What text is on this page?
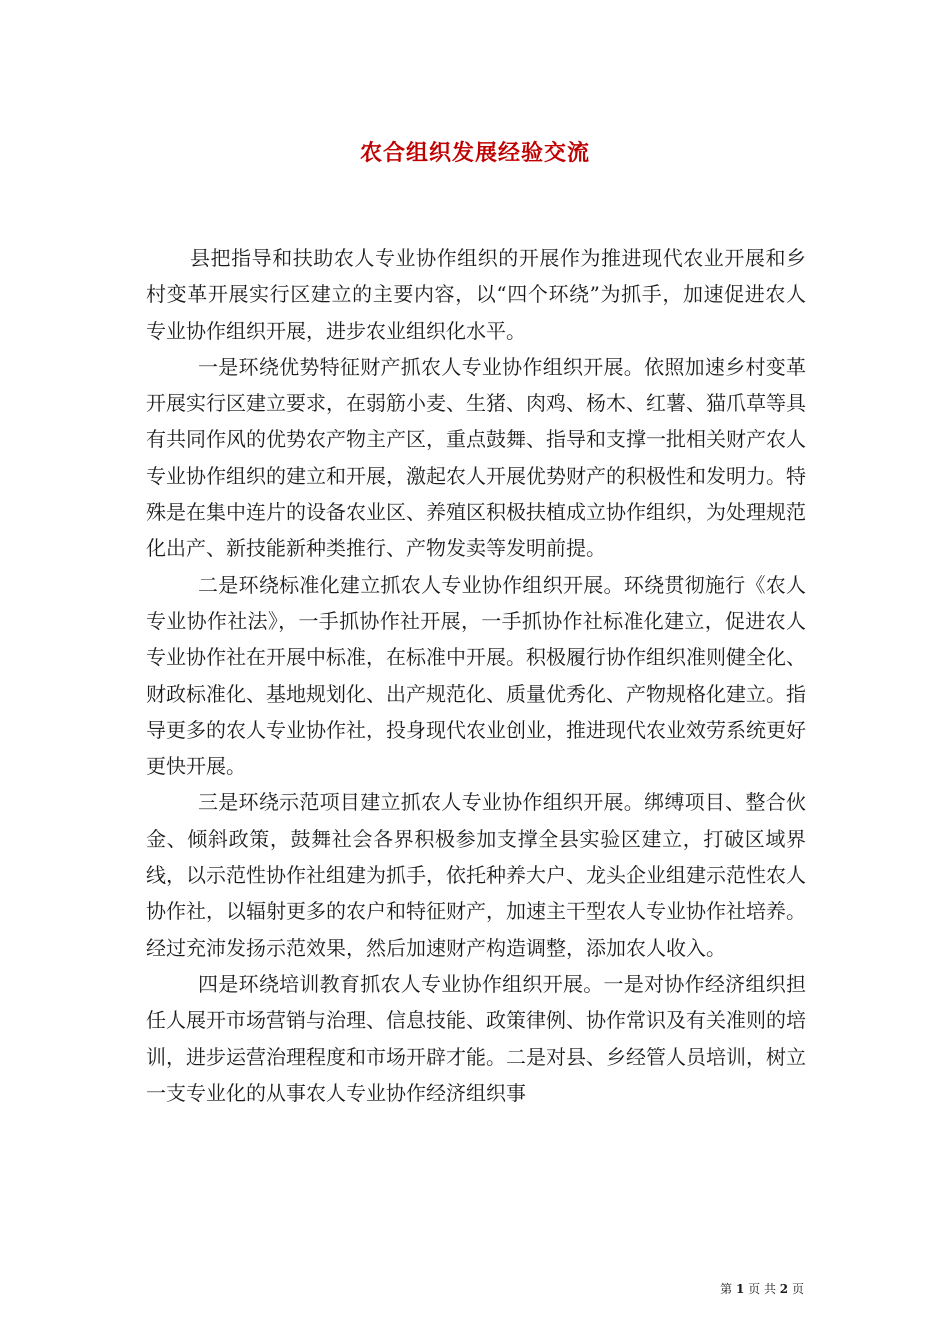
农合组织发展经验交流

县把指导和扶助农人专业协作组织的开展作为推进现代农业开展和乡村变革开展实行区建立的主要内容，以“四个环绕”为抓手，加速促进农人专业协作组织开展，进步农业组织化水平。

一是环绕优势特征财产抓农人专业协作组织开展。依照加速乡村变革开展实行区建立要求，在弱筋小麦、生猪、肉鸡、杨木、红薯、猫爪草等具有共同作风的优势农产物主产区，重点鼓舞、指导和支撑一批相关财产农人专业协作组织的建立和开展，激起农人开展优势财产的积极性和发明力。特殊是在集中连片的设备农业区、养殖区积极扶植成立协作组织，为处理规范化出产、新技能新种类推行、产物发卖等发明前提。

二是环绕标准化建立抓农人专业协作组织开展。环绕贯彻施行《农人专业协作社法》，一手抓协作社开展，一手抓协作社标准化建立，促进农人专业协作社在开展中标准，在标准中开展。积极履行协作组织准则健全化、财政标准化、基地规划化、出产规范化、质量优秀化、产物规格化建立。指导更多的农人专业协作社，投身现代农业创业，推进现代农业效劳系统更好更快开展。

三是环绕示范项目建立抓农人专业协作组织开展。绑缚项目、整合伙金、倾斜政策，鼓舞社会各界积极参加支撑全县实验区建立，打破区域界线，以示范性协作社组建为抓手，依托种养大户、龙头企业组建示范性农人协作社，以辐射更多的农户和特征财产，加速主干型农人专业协作社培养。经过充沛发扬示范效果，然后加速财产构造调整，添加农人收入。

四是环绕培训教育抓农人专业协作组织开展。一是对协作经济组织担任人展开市场营销与治理、信息技能、政策律例、协作常识及有关准则的培训，进步运营治理程度和市场开辟才能。二是对县、乡经管人员培训，树立一支专业化的从事农人专业协作经济组织事

第 1 页 共 2 页
